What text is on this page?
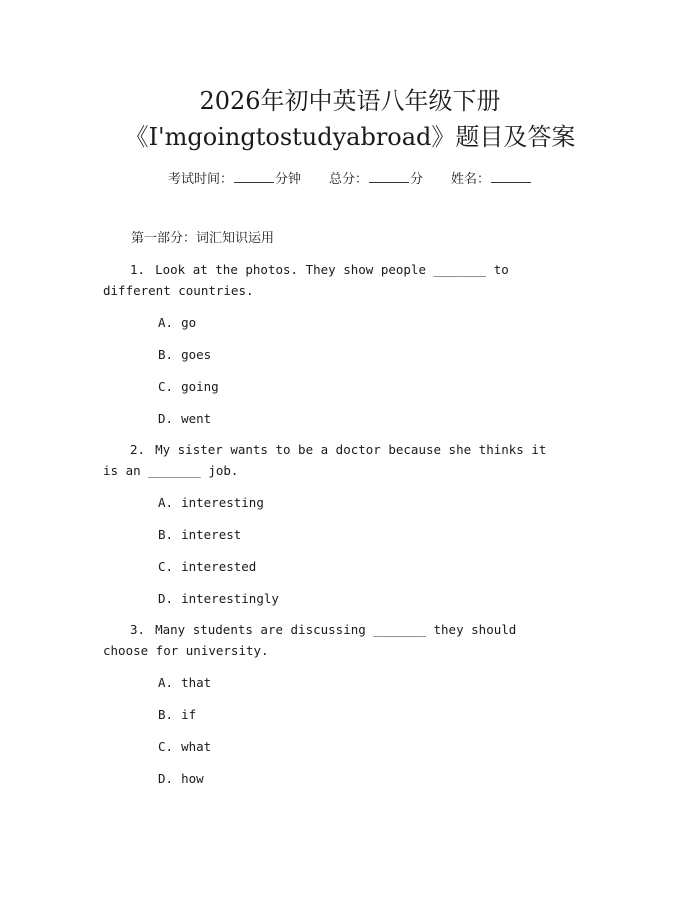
2026年初中英语八年级下册
《I'mgoingtostudyabroad》题目及答案
考试时间：	分钟 总分：	分 姓名：
第一部分：词汇知识运用
1. Look at the photos. They show people _______ to different countries.
A. go
B. goes
C. going
D. went
2. My sister wants to be a doctor because she thinks it is an _______ job.
A. interesting
B. interest
C. interested
D. interestingly
3. Many students are discussing _______ they should choose for university.
A. that
B. if
C. what
D. how
